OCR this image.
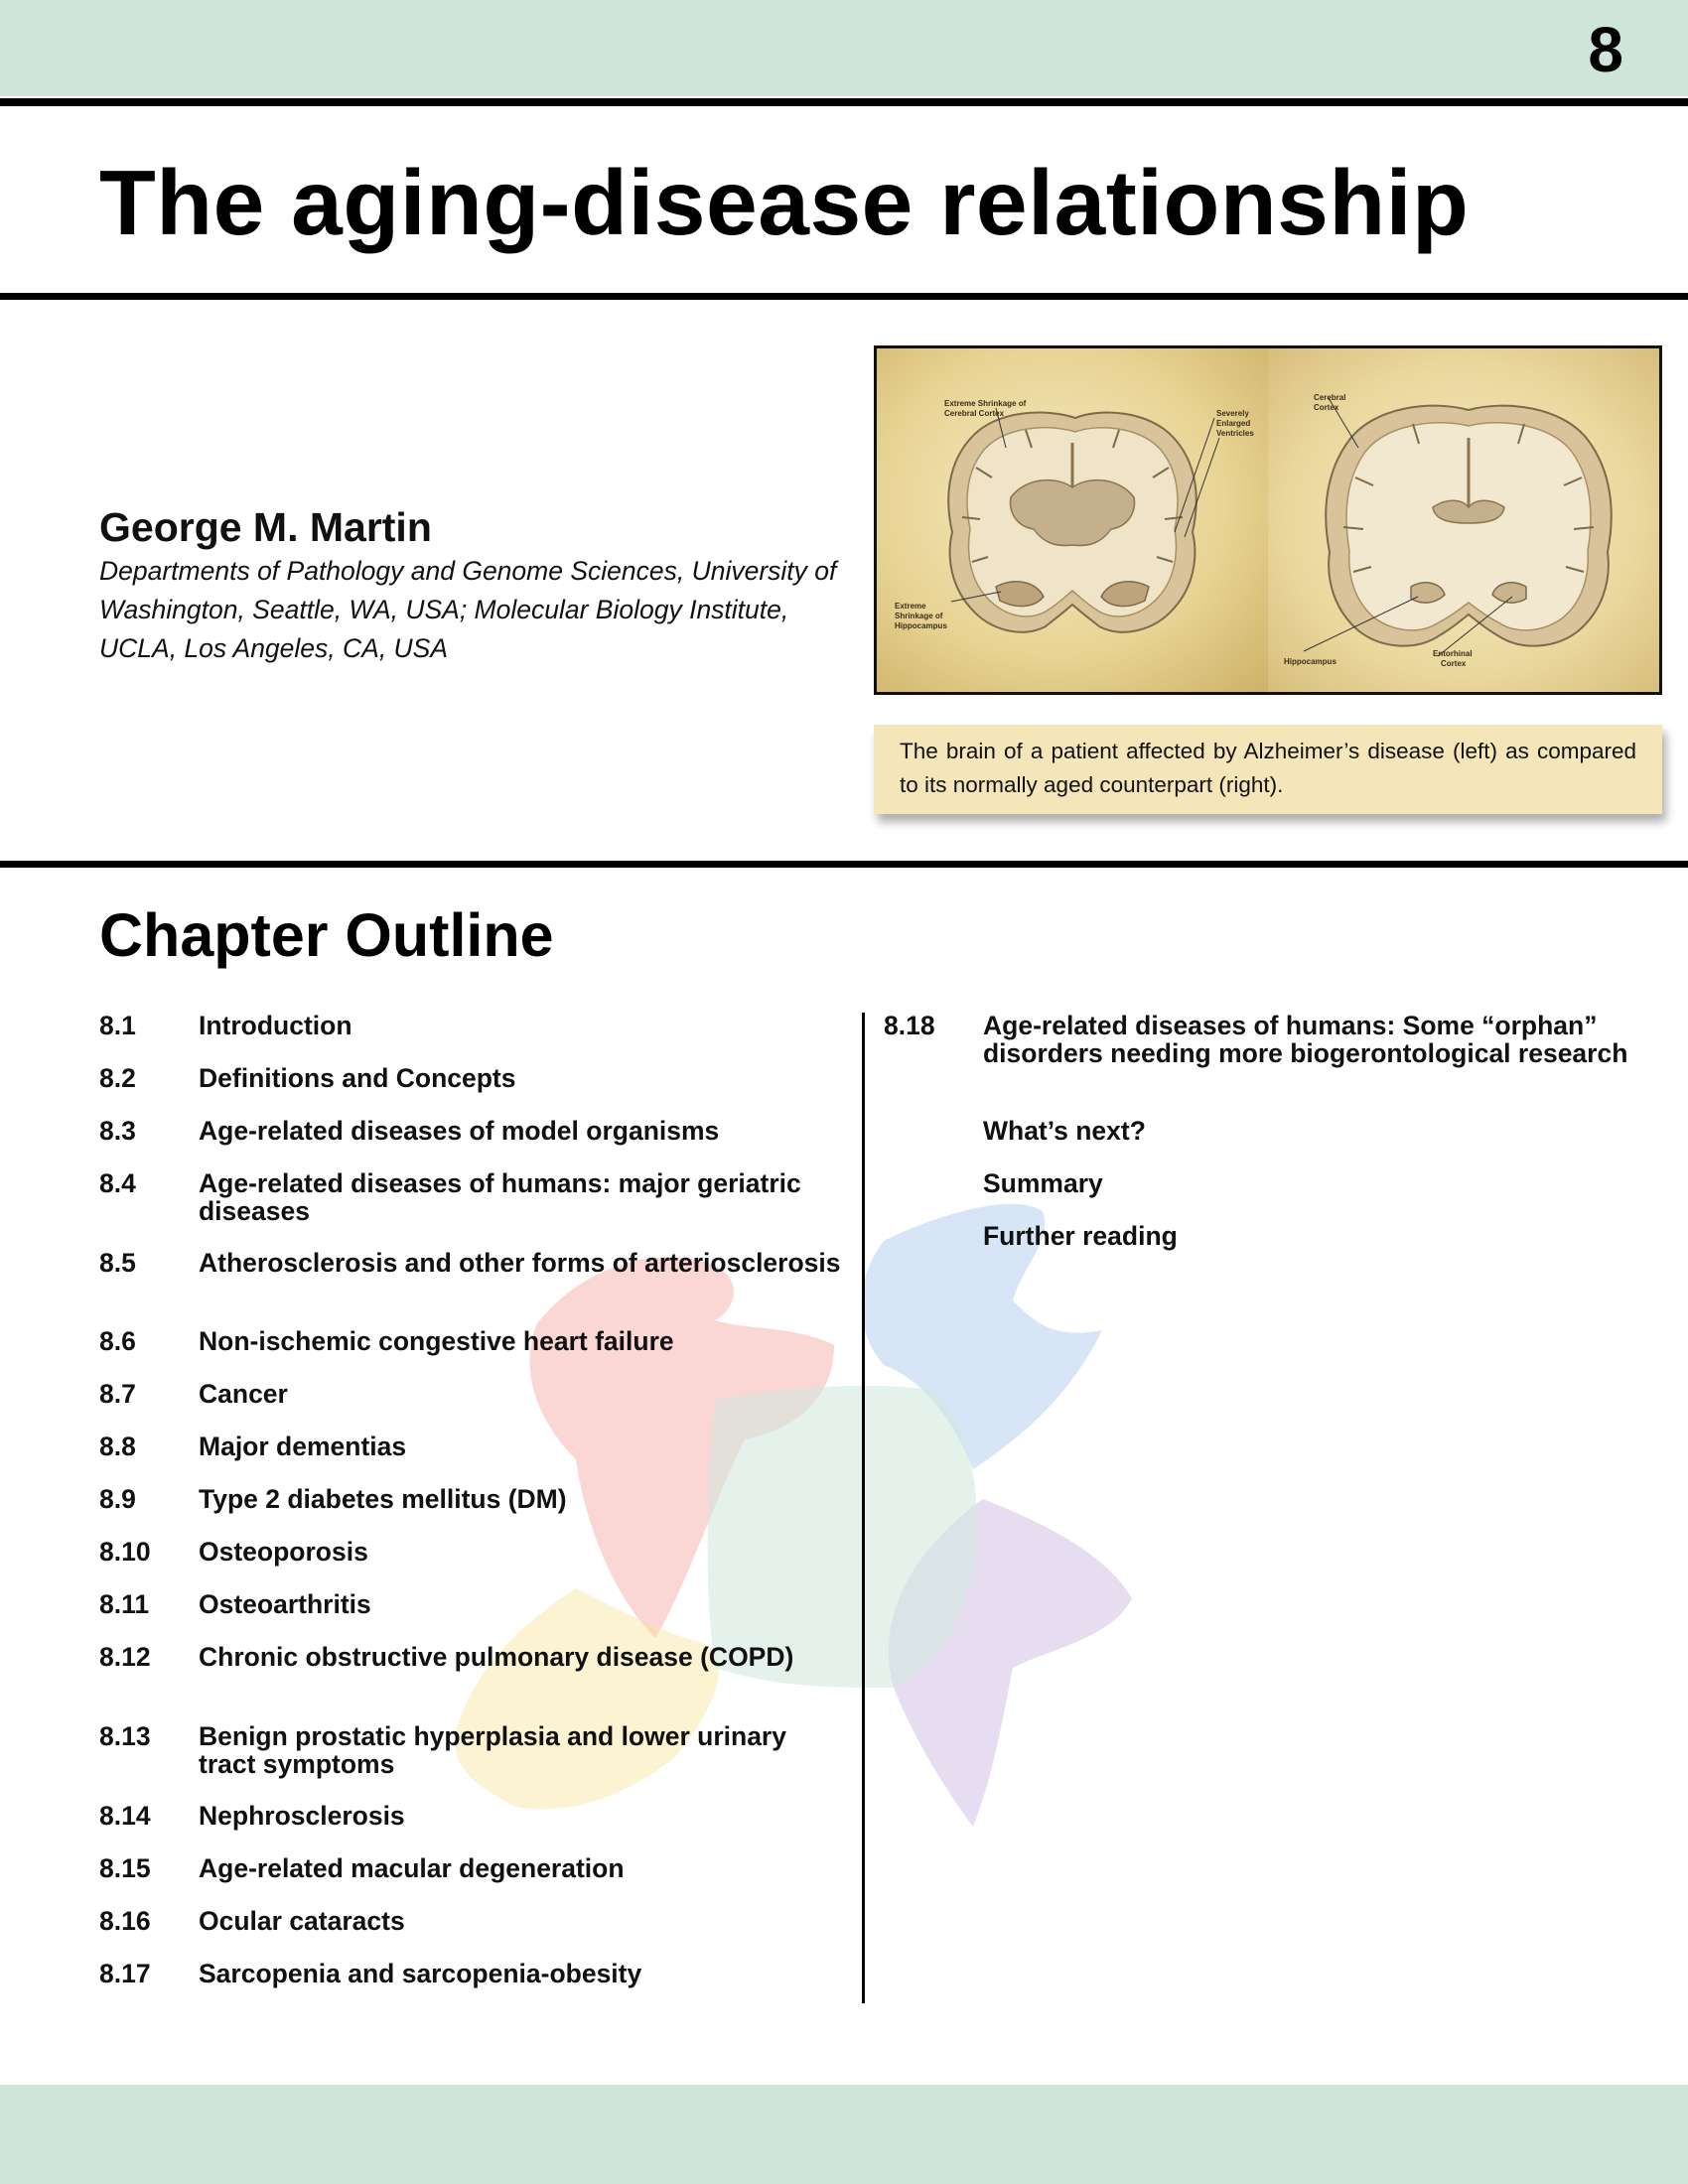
8
The aging-disease relationship
George M. Martin
Departments of Pathology and Genome Sciences, University of Washington, Seattle, WA, USA; Molecular Biology Institute, UCLA, Los Angeles, CA, USA
Extreme Shrinkage of
Cerebral Cortex	Severely
Enlarged
Ventricles
Extreme
Shrinkage of
Hippocampus
Cerebral
Cortex
Hippocampus
Entorhinal
Cortex
The brain of a patient affected by Alzheimer’s disease (left) as compared to its normally aged counterpart (right).
Chapter Outline
8.1	Introduction
8.2	Definitions and Concepts
8.3	Age-related diseases of model organisms
8.4	Age-related diseases of humans: major geriatric diseases
8.5	Atherosclerosis and other forms of arteriosclerosis
8.6	Non-ischemic congestive heart failure
8.7	Cancer
8.8	Major dementias
8.9	Type 2 diabetes mellitus (DM)
8.10	Osteoporosis
8.11	Osteoarthritis
8.12	Chronic obstructive pulmonary disease (COPD)
8.13	Benign prostatic hyperplasia and lower urinary tract symptoms
8.14	Nephrosclerosis
8.15	Age-related macular degeneration
8.16	Ocular cataracts
8.17	Sarcopenia and sarcopenia-obesity
8.18	Age-related diseases of humans: Some “orphan” disorders needing more biogerontological research
What’s next?
Summary
Further reading
